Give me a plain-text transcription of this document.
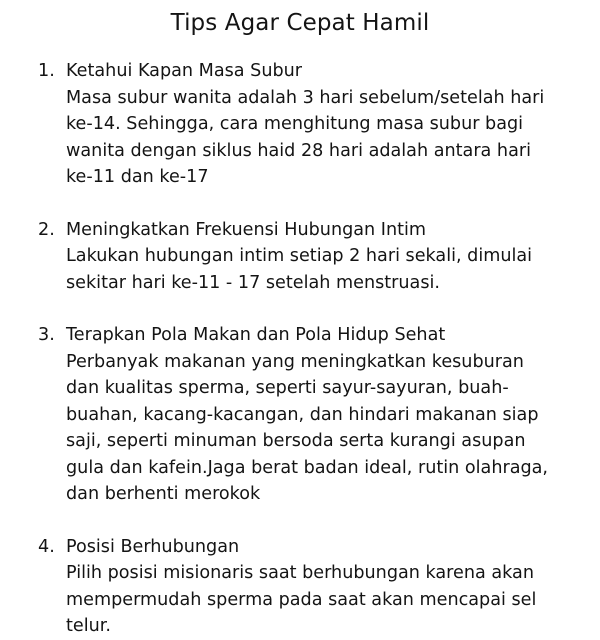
Tips Agar Cepat Hamil
1. Ketahui Kapan Masa Subur
Masa subur wanita adalah 3 hari sebelum/setelah hari ke-14. Sehingga, cara menghitung masa subur bagi wanita dengan siklus haid 28 hari adalah antara hari ke-11 dan ke-17
2. Meningkatkan Frekuensi Hubungan Intim
Lakukan hubungan intim setiap 2 hari sekali, dimulai sekitar hari ke-11 - 17 setelah menstruasi.
3. Terapkan Pola Makan dan Pola Hidup Sehat
Perbanyak makanan yang meningkatkan kesuburan dan kualitas sperma, seperti sayur-sayuran, buah-buahan, kacang-kacangan, dan hindari makanan siap saji, seperti minuman bersoda serta kurangi asupan gula dan kafein.Jaga berat badan ideal, rutin olahraga, dan berhenti merokok
4. Posisi Berhubungan
Pilih posisi misionaris saat berhubungan karena akan mempermudah sperma pada saat akan mencapai sel telur.
